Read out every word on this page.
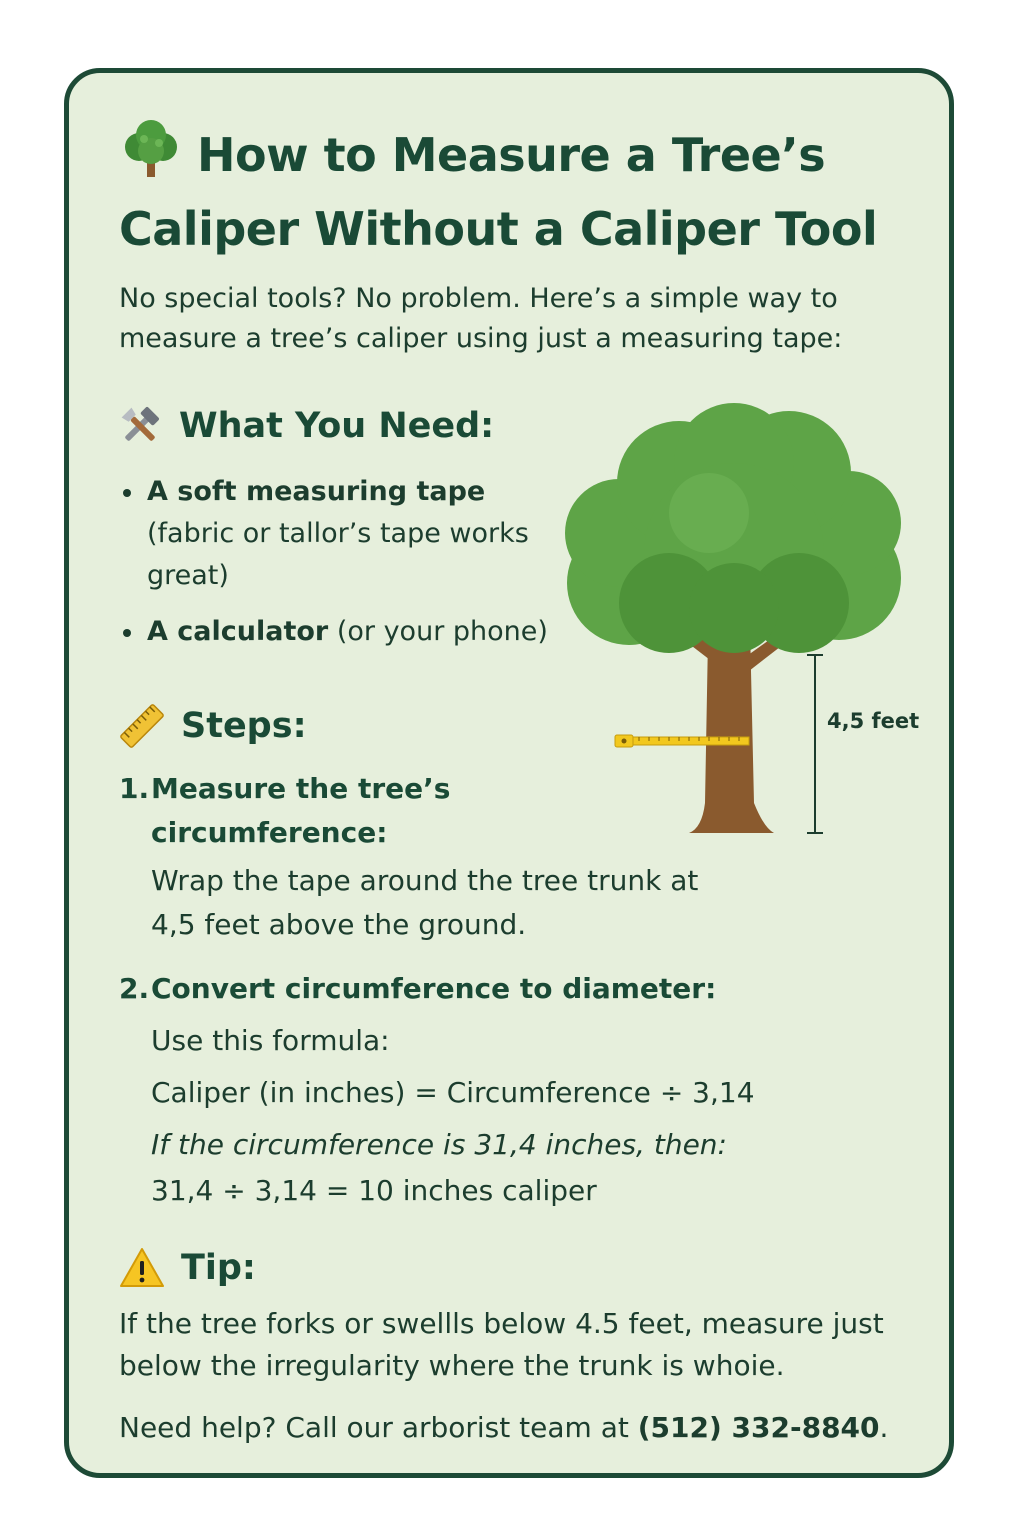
How to Measure a Tree’s
Caliper Without a Caliper Tool
No special tools? No problem. Here’s a simple way to measure a tree’s caliper using just a measuring tape:
What You Need:
A soft measuring tape
(fabric or tallor’s tape works great)
A calculator (or your phone)
4,5 feet
Steps:
1. Measure the tree’s circumference:
Wrap the tape around the tree trunk at 4,5 feet above the ground.
2. Convert circumference to diameter:
Use this formula:
Caliper (in inches) = Circumference ÷ 3,14
If the circumference is 31,4 inches, then:
31,4 ÷ 3,14 = 10 inches caliper
Tip:
If the tree forks or swellls below 4.5 feet, measure just below the irregularity where the trunk is whoie.
Need help? Call our arborist team at (512) 332-8840.
